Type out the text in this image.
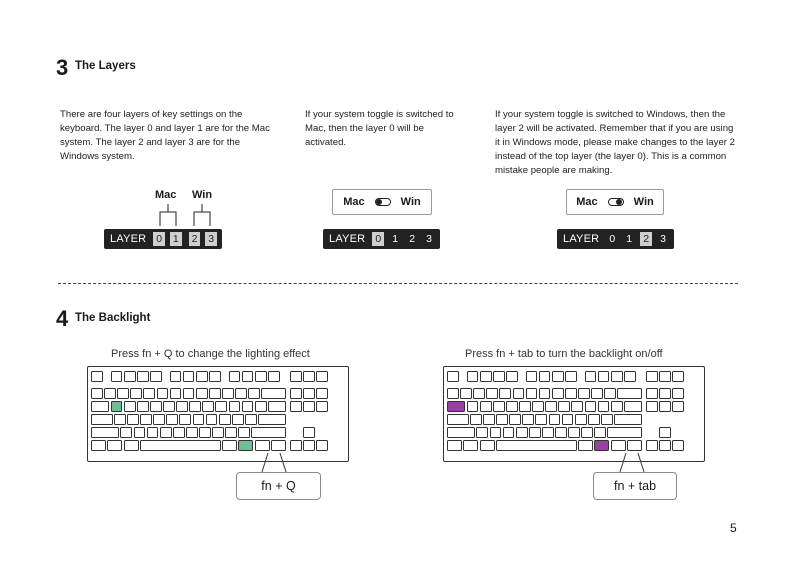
3 The Layers
There are four layers of key settings on the keyboard. The layer 0 and layer 1 are for the Mac system. The layer 2 and layer 3 are for the Windows system.
If your system toggle is switched to Mac, then the layer 0 will be activated.
If your system toggle is switched to Windows, then the layer 2 will be activated. Remember that if you are using it in Windows mode, please make changes to the layer 2 instead of the top layer (the layer 0). This is a common mistake people are making.
Mac Win
LAYER 0 1 2 3
Mac	Win
LAYER 0 1 2 3
Mac	Win
LAYER 0 1 2 3
4 The Backlight
Press fn + Q to change the lighting effect	Press fn + tab to turn the backlight on/off
fn + Q	fn + tab
5
